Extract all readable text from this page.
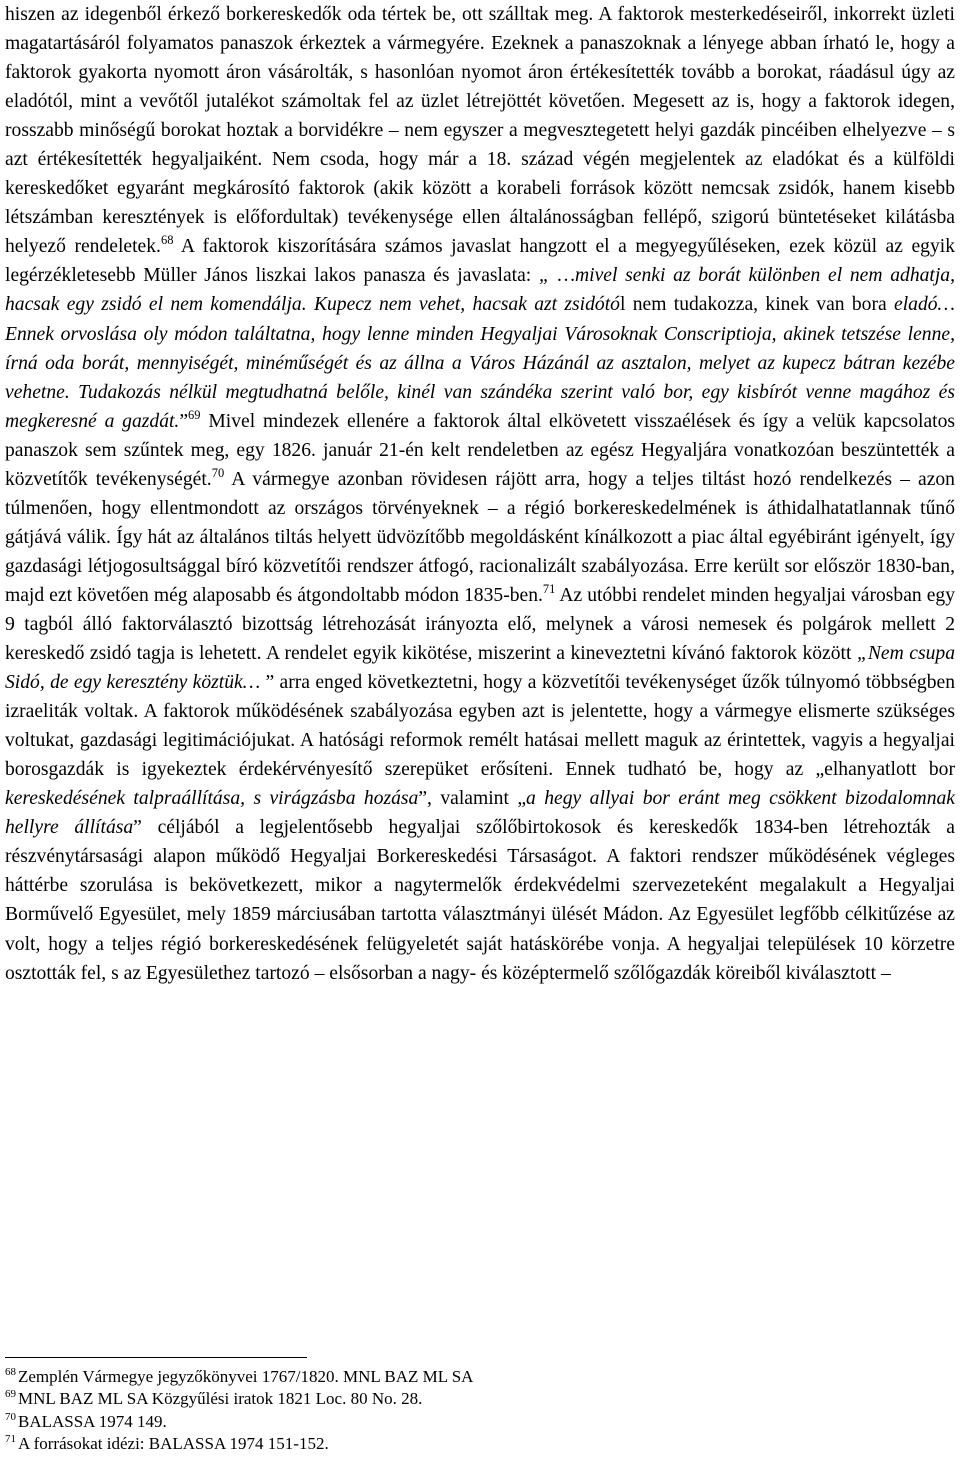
hiszen az idegenből érkező borkereskedők oda tértek be, ott szálltak meg. A faktorok mesterkedéseiről, inkorrekt üzleti magatartásáról folyamatos panaszok érkeztek a vármegyére. Ezeknek a panaszoknak a lényege abban írható le, hogy a faktorok gyakorta nyomott áron vásárolták, s hasonlóan nyomot áron értékesítették tovább a borokat, ráadásul úgy az eladótól, mint a vevőtől jutalékot számoltak fel az üzlet létrejöttét követően. Megesett az is, hogy a faktorok idegen, rosszabb minőségű borokat hoztak a borvidékre – nem egyszer a megvesztegetett helyi gazdák pincéiben elhelyezve – s azt értékesítették hegyaljaiként. Nem csoda, hogy már a 18. század végén megjelentek az eladókat és a külföldi kereskedőket egyaránt megkárosító faktorok (akik között a korabeli források között nemcsak zsidók, hanem kisebb létszámban keresztények is előfordultak) tevékenysége ellen általánosságban fellépő, szigorú büntetéseket kilátásba helyező rendeletek.$^{68}$ A faktorok kiszorítására számos javaslat hangzott el a megyegyűléseken, ezek közül az egyik legérzékletesebb Müller János liszkai lakos panasza és javaslata: „ …mivel senki az borát különben el nem adhatja, hacsak egy zsidó el nem komendálja. Kupecz nem vehet, hacsak azt zsidótól nem tudakozza, kinek van bora eladó…Ennek orvoslása oly módon találtatna, hogy lenne minden Hegyaljai Városoknak Conscriptioja, akinek tetszése lenne, írná oda borát, mennyiségét, minéműségét és az állna a Város Házánál az asztalon, melyet az kupecz bátran kezébe vehetne. Tudakozás nélkül megtudhatná belőle, kinél van szándéka szerint való bor, egy kisbírót venne magához és megkeresné a gazdát.”$^{69}$ Mivel mindezek ellenére a faktorok által elkövetett visszaélések és így a velük kapcsolatos panaszok sem szűntek meg, egy 1826. január 21-én kelt rendeletben az egész Hegyaljára vonatkozóan beszüntették a közvetítők tevékenységét.$^{70}$ A vármegye azonban rövidesen rájött arra, hogy a teljes tiltást hozó rendelkezés – azon túlmenően, hogy ellentmondott az országos törvényeknek – a régió borkereskedelmének is áthidalhatatlannak tűnő gátjává válik. Így hát az általános tiltás helyett üdvözítőbb megoldásként kínálkozott a piac által egyébiránt igényelt, így gazdasági létjogosultsággal bíró közvetítői rendszer átfogó, racionalizált szabályozása. Erre került sor először 1830-ban, majd ezt követően még alaposabb és átgondoltabb módon 1835-ben.$^{71}$ Az utóbbi rendelet minden hegyaljai városban egy 9 tagból álló faktorválasztó bizottság létrehozását irányozta elő, melynek a városi nemesek és polgárok mellett 2 kereskedő zsidó tagja is lehetett. A rendelet egyik kikötése, miszerint a kineveztetni kívánó faktorok között „Nem csupa Sidó, de egy keresztény köztük… ” arra enged következtetni, hogy a közvetítői tevékenységet űzők túlnyomó többségben izraeliták voltak. A faktorok működésének szabályozása egyben azt is jelentette, hogy a vármegye elismerte szükséges voltukat, gazdasági legitimációjukat. A hatósági reformok remélt hatásai mellett maguk az érintettek, vagyis a hegyaljai borosgazdák is igyekeztek érdekérvényesítő szerepüket erősíteni. Ennek tudható be, hogy az „elhanyatlott bor kereskedésének talpraállítása, s virágzásba hozása”, valamint „a hegy allyai bor eránt meg csökkent bizodalomnak hellyre állítása” céljából a legjelentősebb hegyaljai szőlőbirtokosok és kereskedők 1834-ben létrehozták a részvénytársasági alapon működő Hegyaljai Borkereskedési Társaságot. A faktori rendszer működésének végleges háttérbe szorulása is bekövetkezett, mikor a nagytermelők érdekvédelmi szervezeteként megalakult a Hegyaljai Borművelő Egyesület, mely 1859 márciusában tartotta választmányi ülését Mádon. Az Egyesület legfőbb célkitűzése az volt, hogy a teljes régió borkereskedésének felügyeletét saját hatáskörébe vonja. A hegyaljai települések 10 körzetre osztották fel, s az Egyesülethez tartozó – elsősorban a nagy- és középtermelő szőlőgazdák köreiből kiválasztott –

$^{68}$ Zemplén Vármegye jegyzőkönyvei 1767/1820. MNL BAZ ML SA
$^{69}$ MNL BAZ ML SA Közgyűlési iratok 1821 Loc. 80 No. 28.
$^{70}$ BALASSA 1974 149.
$^{71}$ A forrásokat idézi: BALASSA 1974 151-152.
